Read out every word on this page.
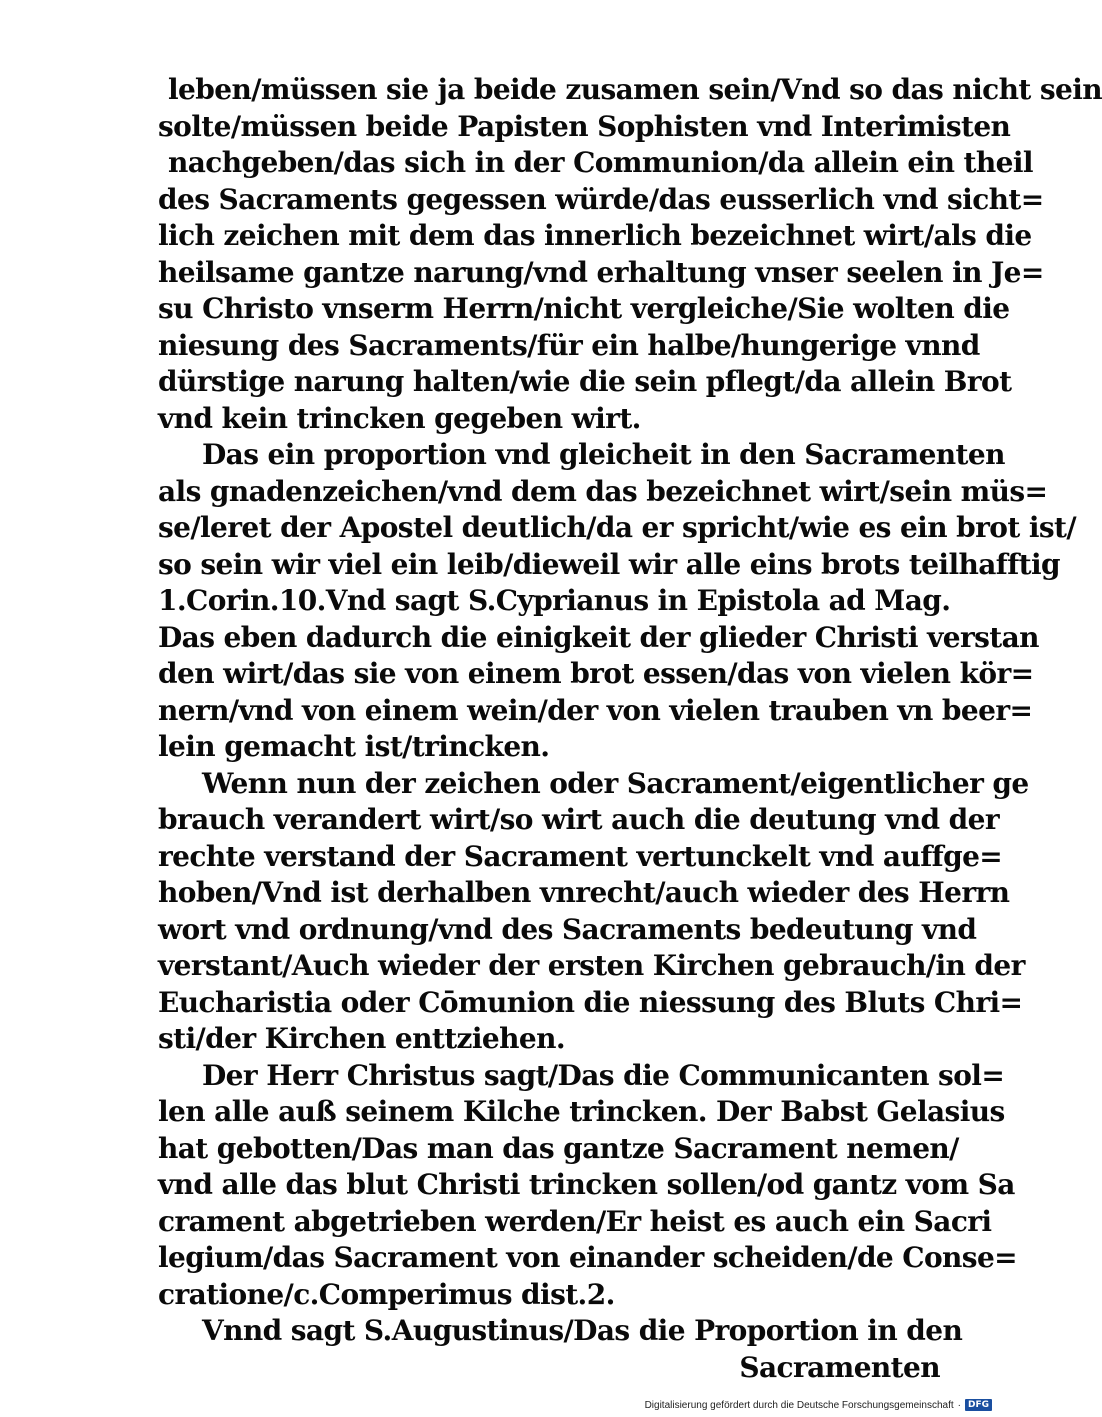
leben/müssen sie ja beide zusamen sein/Vnd so das nicht sein
solte/müssen beide Papisten Sophisten vnd Interimisten
nachgeben/das sich in der Communion/da allein ein theil
des Sacraments gegessen würde/das eusserlich vnd sicht=
lich zeichen mit dem das innerlich bezeichnet wirt/als die
heilsame gantze narung/vnd erhaltung vnser seelen in Je=
su Christo vnserm Herrn/nicht vergleiche/Sie wolten die
niesung des Sacraments/für ein halbe/hungerige vnnd
dürstige narung halten/wie die sein pflegt/da allein Brot
vnd kein trincken gegeben wirt.
Das ein proportion vnd gleicheit in den Sacramenten
als gnadenzeichen/vnd dem das bezeichnet wirt/sein müs=
se/leret der Apostel deutlich/da er spricht/wie es ein brot ist/
so sein wir viel ein leib/dieweil wir alle eins brots teilhafftig
1.Corin.10.Vnd sagt S.Cyprianus in Epistola ad Mag.
Das eben dadurch die einigkeit der glieder Christi verstan
den wirt/das sie von einem brot essen/das von vielen kör=
nern/vnd von einem wein/der von vielen trauben vn beer=
lein gemacht ist/trincken.
Wenn nun der zeichen oder Sacrament/eigentlicher ge
brauch verandert wirt/so wirt auch die deutung vnd der
rechte verstand der Sacrament vertunckelt vnd auffge=
hoben/Vnd ist derhalben vnrecht/auch wieder des Herrn
wort vnd ordnung/vnd des Sacraments bedeutung vnd
verstant/Auch wieder der ersten Kirchen gebrauch/in der
Eucharistia oder Cōmunion die niessung des Bluts Chri=
sti/der Kirchen enttziehen.
Der Herr Christus sagt/Das die Communicanten sol=
len alle auß seinem Kilche trincken. Der Babst Gelasius
hat gebotten/Das man das gantze Sacrament nemen/
vnd alle das blut Christi trincken sollen/od gantz vom Sa
crament abgetrieben werden/Er heist es auch ein Sacri
legium/das Sacrament von einander scheiden/de Conse=
cratione/c.Comperimus dist.2.
Vnnd sagt S.Augustinus/Das die Proportion in den
Sacramenten
Digitalisierung gefördert durch die Deutsche Forschungsgemeinschaft · DFG
